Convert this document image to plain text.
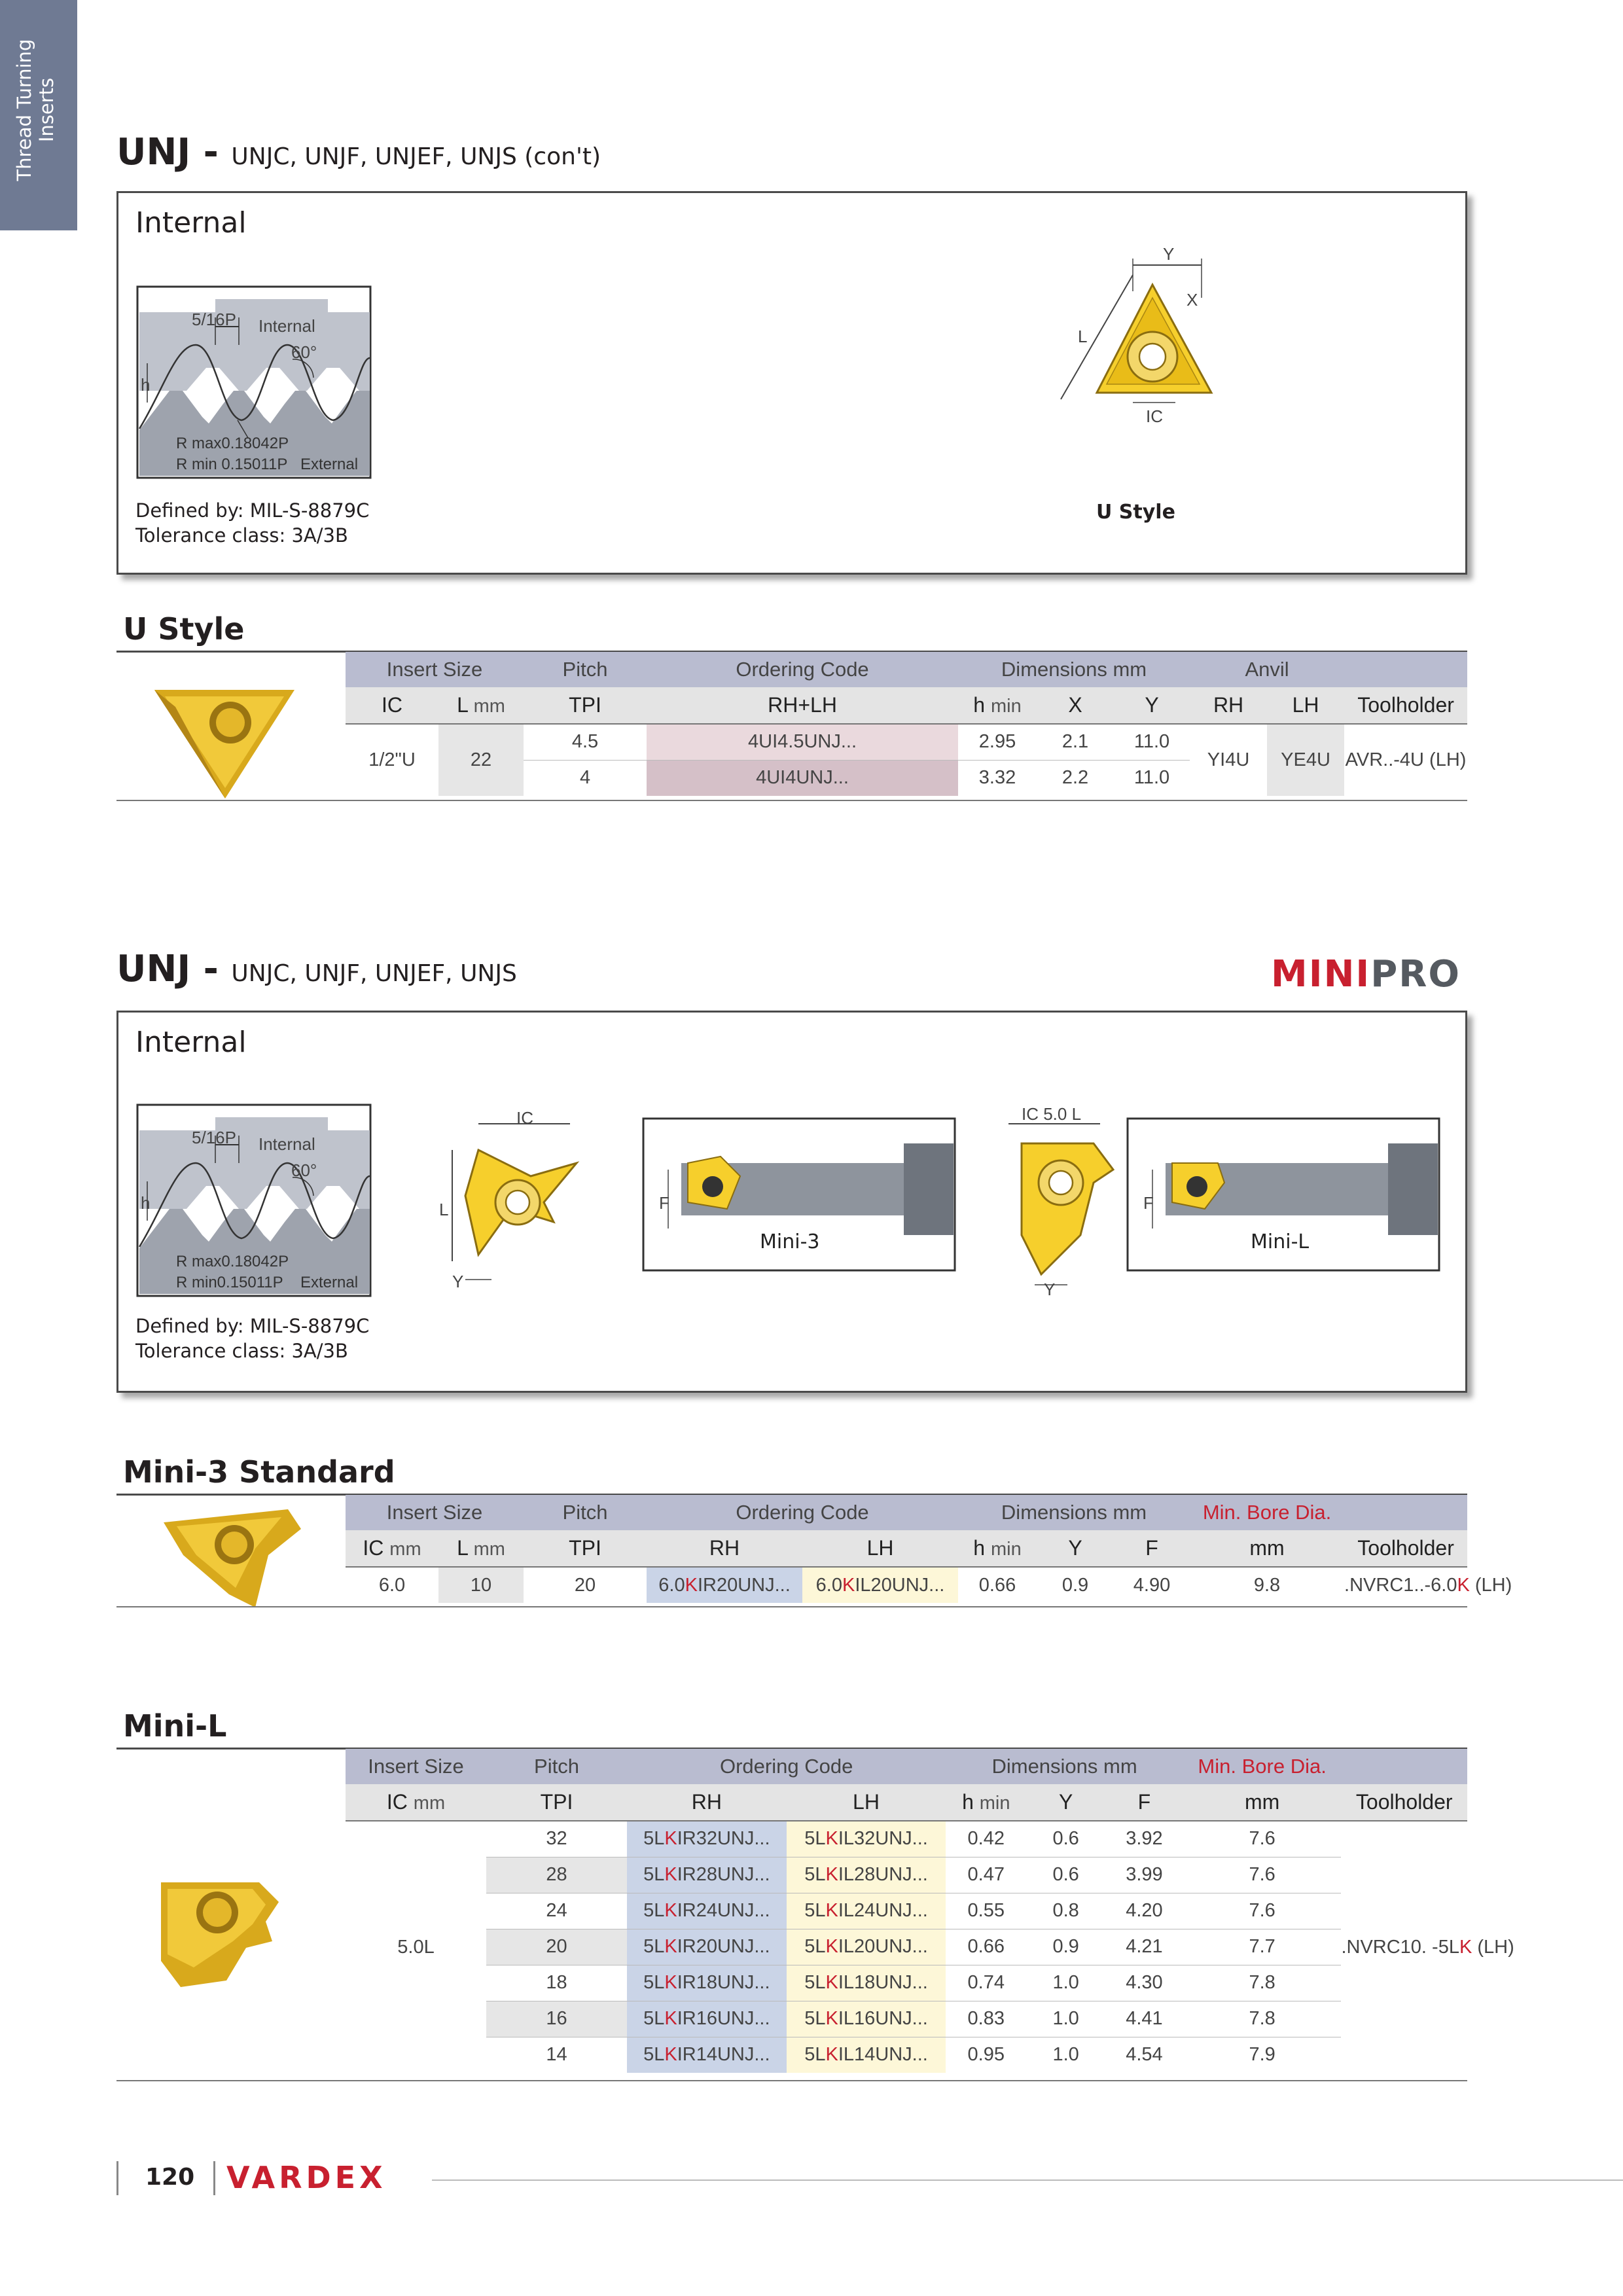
Thread Turning
Inserts
UNJ - UNJC, UNJF, UNJEF, UNJS (con't)
Internal
5/16P Internal
60°
h
R max0.18042P
R min 0.15011P External
Defined by: MIL-S-8879C
Tolerance class: 3A/3B
Y
X
L
IC
U Style
U Style
Insert Size		Pitch	Ordering Code	Dimensions mm			Anvil		
IC	L mm	TPI	RH+LH	h min	X	Y	RH	LH	Toolholder
1/2"U	22	4.5	4UI4.5UNJ...	2.95	2.1	11.0	YI4U	YE4U	AVR..-4U (LH)
		4	4UI4UNJ...	3.32	2.2	11.0			
UNJ - UNJC, UNJF, UNJEF, UNJS	MINIPRO
Internal
5/16P Internal
60°
h
R max0.18042P
R min0.15011P External
IC
L
Y
F
Mini-3
IC 5.0 L
Y
F
Mini-L
Defined by: MIL-S-8879C
Tolerance class: 3A/3B
Mini-3 Standard
Insert Size		Pitch	Ordering Code		Dimensions mm			Min. Bore Dia.	
IC mm	L mm	TPI	RH	LH	h min	Y	F	mm	Toolholder
6.0	10	20	6.0KIR20UNJ...	6.0KIL20UNJ...	0.66	0.9	4.90	9.8	.NVRC1..-6.0K (LH)
Mini-L
Insert Size	Pitch	Ordering Code		Dimensions mm			Min. Bore Dia.	
IC mm	TPI	RH	LH	h min	Y	F	mm	Toolholder
5.0L	32	5LKIR32UNJ...	5LKIL32UNJ...	0.42	0.6	3.92	7.6	.NVRC10. -5LK (LH)
	28	5LKIR28UNJ...	5LKIL28UNJ...	0.47	0.6	3.99	7.6	
	24	5LKIR24UNJ...	5LKIL24UNJ...	0.55	0.8	4.20	7.6	
	20	5LKIR20UNJ...	5LKIL20UNJ...	0.66	0.9	4.21	7.7	
	18	5LKIR18UNJ...	5LKIL18UNJ...	0.74	1.0	4.30	7.8	
	16	5LKIR16UNJ...	5LKIL16UNJ...	0.83	1.0	4.41	7.8	
	14	5LKIR14UNJ...	5LKIL14UNJ...	0.95	1.0	4.54	7.9	
120 VARDEX
